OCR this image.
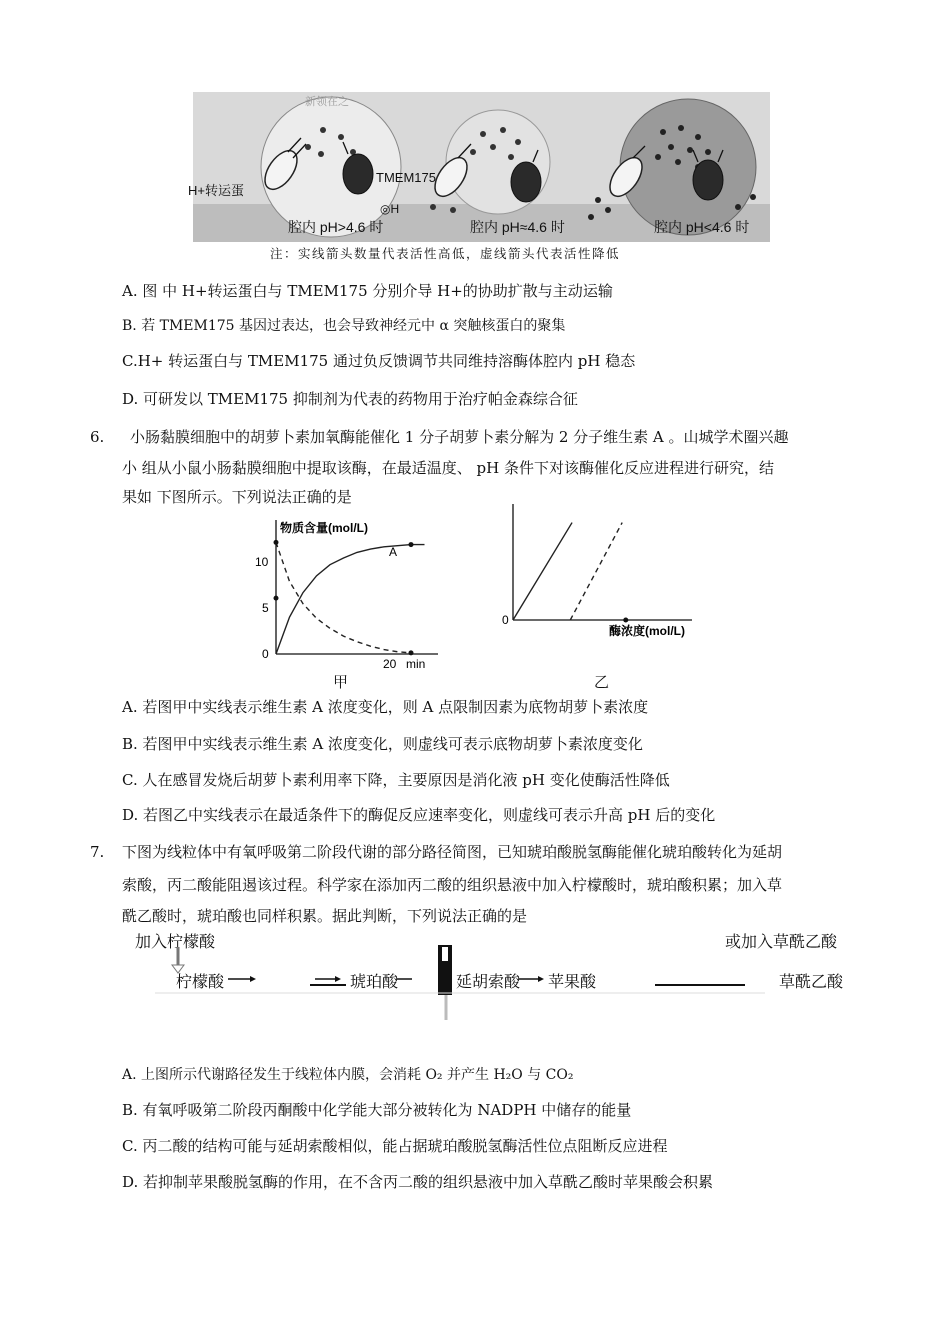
新领在之
H+转运蛋
TMEM175
◎H
腔内 pH>4.6 时	腔内 pH≈4.6 时	腔内 pH<4.6 时
注：实线箭头数量代表活性高低，虚线箭头代表活性降低
A. 图 中 H+转运蛋白与 TMEM175 分别介导 H+的协助扩散与主动运输
B. 若 TMEM175 基因过表达，也会导致神经元中 α 突触核蛋白的聚集
C.H+ 转运蛋白与 TMEM175 通过负反馈调节共同维持溶酶体腔内 pH 稳态
D. 可研发以 TMEM175 抑制剂为代表的药物用于治疗帕金森综合征
6. 小肠黏膜细胞中的胡萝卜素加氧酶能催化 1 分子胡萝卜素分解为 2 分子维生素 A 。山城学术圈兴趣
小 组从小鼠小肠黏膜细胞中提取该酶，在最适温度、 pH 条件下对该酶催化反应进程进行研究，结
果如 下图所示。下列说法正确的是
物质含量(mol/L)
10
5
0
20 min
A
甲
0
酶浓度(mol/L)
乙
A. 若图甲中实线表示维生素 A 浓度变化，则 A 点限制因素为底物胡萝卜素浓度
B. 若图甲中实线表示维生素 A 浓度变化，则虚线可表示底物胡萝卜素浓度变化
C. 人在感冒发烧后胡萝卜素利用率下降，主要原因是消化液 pH 变化使酶活性降低
D. 若图乙中实线表示在最适条件下的酶促反应速率变化，则虚线可表示升高 pH 后的变化
7. 下图为线粒体中有氧呼吸第二阶段代谢的部分路径简图，已知琥珀酸脱氢酶能催化琥珀酸转化为延胡
索酸，丙二酸能阻遏该过程。科学家在添加丙二酸的组织悬液中加入柠檬酸时，琥珀酸积累；加入草
酰乙酸时，琥珀酸也同样积累。据此判断，下列说法正确的是
加入柠檬酸	或加入草酰乙酸
柠檬酸	琥珀酸	延胡索酸 苹果酸	草酰乙酸
A. 上图所示代谢路径发生于线粒体内膜，会消耗 O₂ 并产生 H₂O 与 CO₂
B. 有氧呼吸第二阶段丙酮酸中化学能大部分被转化为 NADPH 中储存的能量
C. 丙二酸的结构可能与延胡索酸相似，能占据琥珀酸脱氢酶活性位点阻断反应进程
D. 若抑制苹果酸脱氢酶的作用，在不含丙二酸的组织悬液中加入草酰乙酸时苹果酸会积累
